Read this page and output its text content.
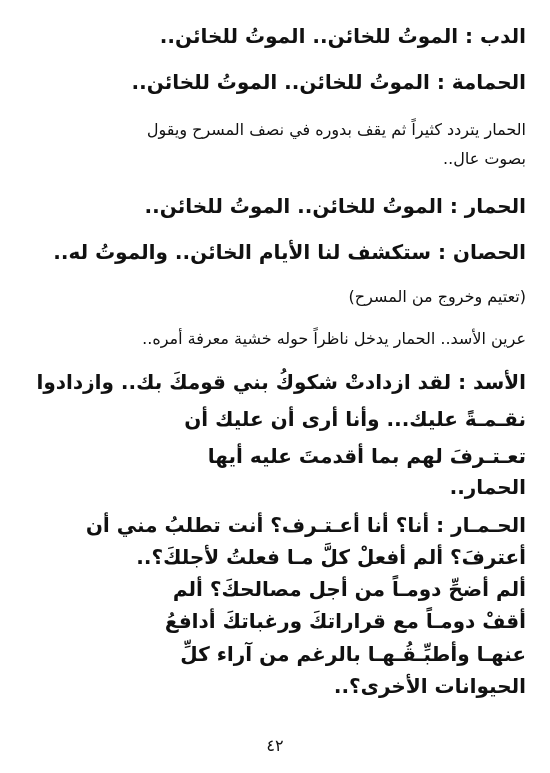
الدب : الموتُ للخائن.. الموتُ للخائن..
الحمامة : الموتُ للخائن.. الموتُ للخائن..
الحمار يتردد كثيراً ثم يقف بدوره في نصف المسرح ويقول
بصوت عال..
الحمار : الموتُ للخائن.. الموتُ للخائن..
الحصان : ستكشف لنا الأيام الخائن.. والموتُ له..
(تعتيم وخروج من المسرح)
عرين الأسد.. الحمار يدخل ناظراً حوله خشية معرفة أمره..
الأسد : لقد ازدادتْ شكوكُ بني قومكَ بك.. وازدادوا
نقـمـةً عليك... وأنا أرى أن عليك أن
تعـتـرفَ لهم بما أقدمتَ عليه أيها
الحمار..
الحـمـار : أنا؟ أنا أعـتـرف؟ أنت تطلبُ مني أن
أعترفَ؟ ألم أفعلْ كلَّ مـا فعلتُ لأجلكَ؟..
ألم أضحِّ دومـاً من أجل مصالحكَ؟ ألم
أقفْ دومـاً مع قراراتكَ ورغباتكَ أدافعُ
عنهـا وأطبِّـقُـهـا بالرغم من آراء كلِّ
الحيوانات الأخرى؟..
٤٢
